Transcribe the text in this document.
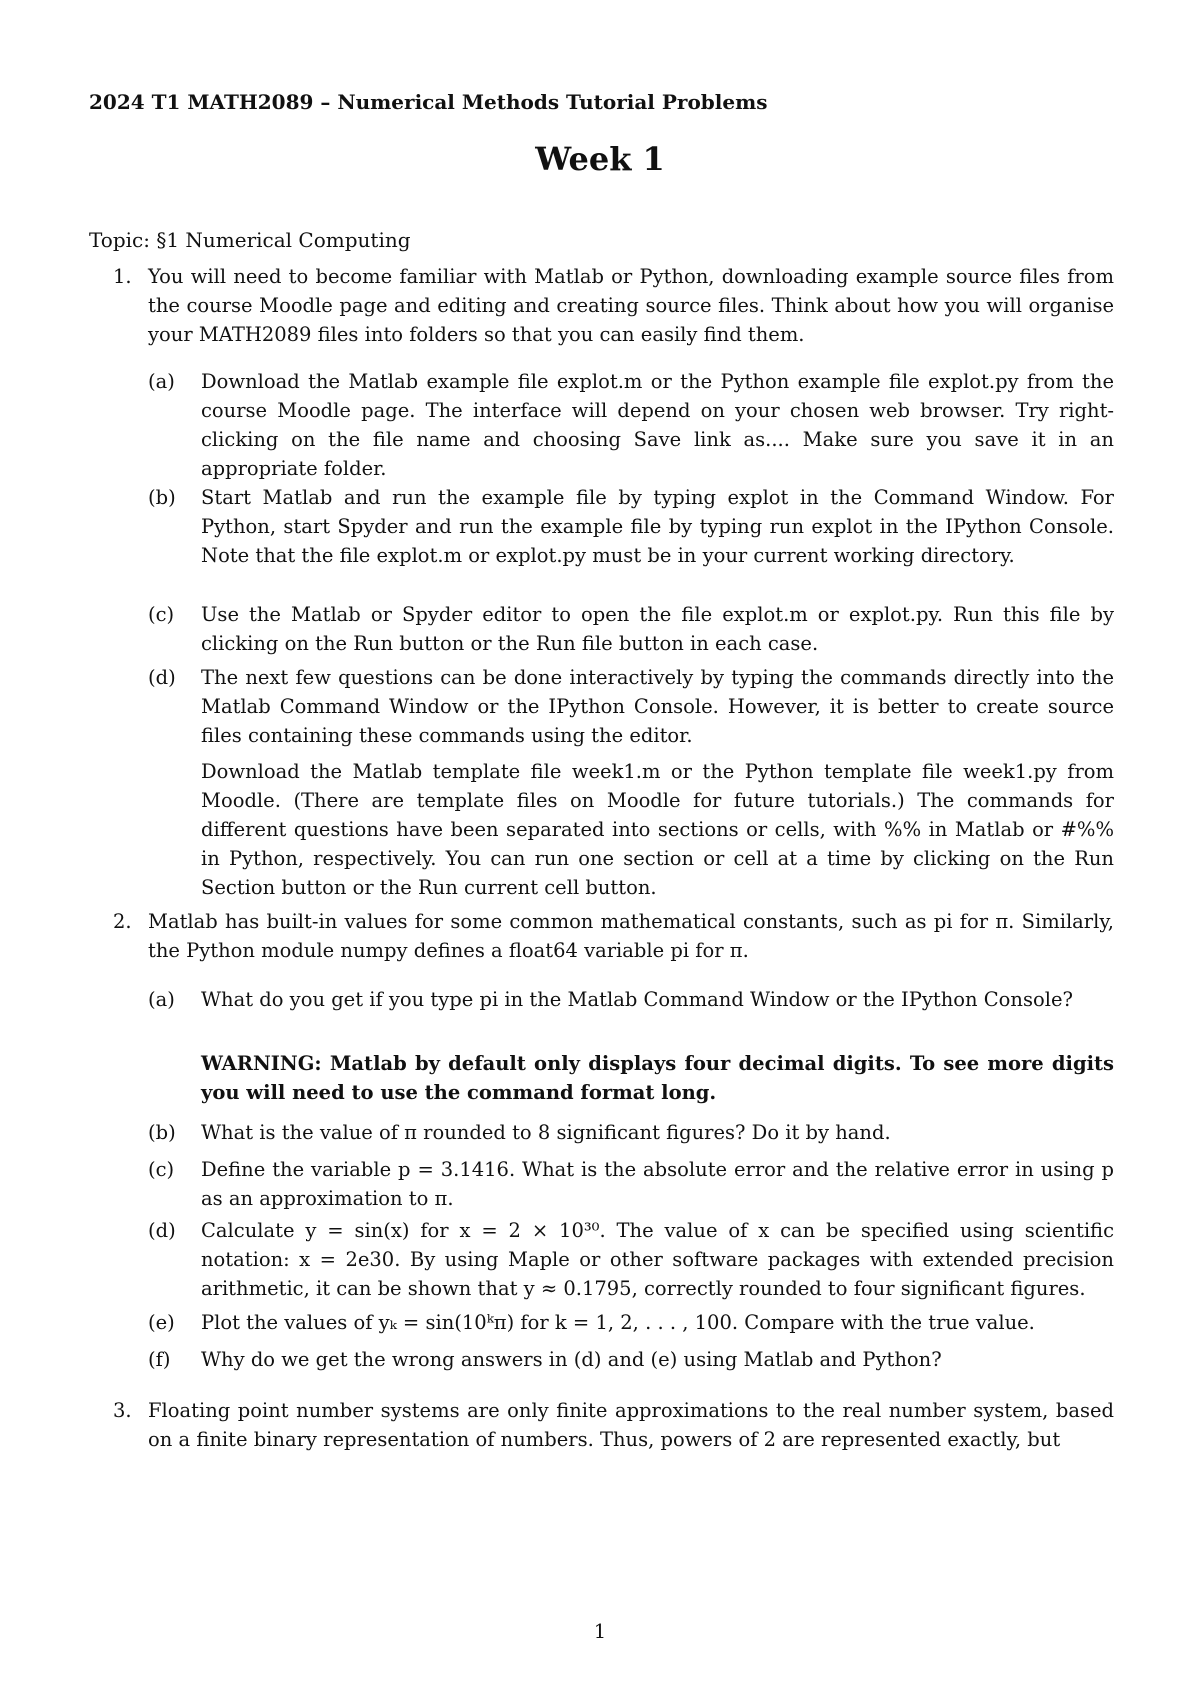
2024 T1 MATH2089 – Numerical Methods Tutorial Problems
Week 1
Topic: §1 Numerical Computing
1. You will need to become familiar with Matlab or Python, downloading example source files from the course Moodle page and editing and creating source files. Think about how you will organise your MATH2089 files into folders so that you can easily find them.
(a) Download the Matlab example file explot.m or the Python example file explot.py from the course Moodle page. The interface will depend on your chosen web browser. Try right-clicking on the file name and choosing Save link as.... Make sure you save it in an appropriate folder.
(b) Start Matlab and run the example file by typing explot in the Command Window. For Python, start Spyder and run the example file by typing run explot in the IPython Console. Note that the file explot.m or explot.py must be in your current working directory.
(c) Use the Matlab or Spyder editor to open the file explot.m or explot.py. Run this file by clicking on the Run button or the Run file button in each case.
(d) The next few questions can be done interactively by typing the commands directly into the Matlab Command Window or the IPython Console. However, it is better to create source files containing these commands using the editor.
Download the Matlab template file week1.m or the Python template file week1.py from Moodle. (There are template files on Moodle for future tutorials.) The commands for different questions have been separated into sections or cells, with %% in Matlab or #%% in Python, respectively. You can run one section or cell at a time by clicking on the Run Section button or the Run current cell button.
2. Matlab has built-in values for some common mathematical constants, such as pi for π. Similarly, the Python module numpy defines a float64 variable pi for π.
(a) What do you get if you type pi in the Matlab Command Window or the IPython Console?
WARNING: Matlab by default only displays four decimal digits. To see more digits you will need to use the command format long.
(b) What is the value of π rounded to 8 significant figures? Do it by hand.
(c) Define the variable p = 3.1416. What is the absolute error and the relative error in using p as an approximation to π.
(d) Calculate y = sin(x) for x = 2 × 10³⁰. The value of x can be specified using scientific notation: x = 2e30. By using Maple or other software packages with extended precision arithmetic, it can be shown that y ≈ 0.1795, correctly rounded to four significant figures.
(e) Plot the values of yₖ = sin(10ᵏπ) for k = 1, 2, . . . , 100. Compare with the true value.
(f) Why do we get the wrong answers in (d) and (e) using Matlab and Python?
3. Floating point number systems are only finite approximations to the real number system, based on a finite binary representation of numbers. Thus, powers of 2 are represented exactly, but
1
